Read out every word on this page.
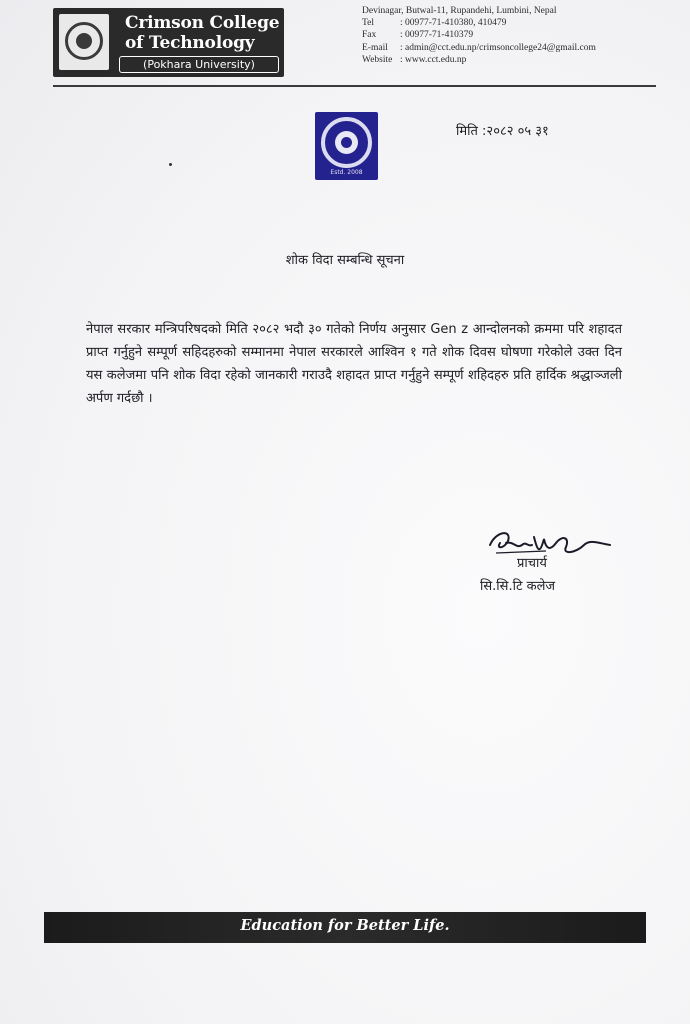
Crimson College
of Technology
(Pokhara University)
Devinagar, Butwal-11, Rupandehi, Lumbini, Nepal
Tel	: 00977-71-410380, 410479
Fax	: 00977-71-410379
E-mail	: admin@cct.edu.np/crimsoncollege24@gmail.com
Website : www.cct.edu.np
Estd. 2008
मिति :२०८२ ०५ ३१
शोक विदा सम्बन्धि सूचना
नेपाल सरकार मन्त्रिपरिषदको मिति २०८२ भदौ ३० गतेको निर्णय अनुसार Gen z आन्दोलनको क्रममा परि शहादत प्राप्त गर्नुहुने सम्पूर्ण सहिदहरुको सम्मानमा नेपाल सरकारले आश्विन १ गते शोक दिवस घोषणा गरेकोले उक्त दिन यस कलेजमा पनि शोक विदा रहेको जानकारी गराउदै शहादत प्राप्त गर्नुहुने सम्पूर्ण शहिदहरु प्रति हार्दिक श्रद्धाञ्जली अर्पण गर्दछौ ।
प्राचार्य
सि.सि.टि कलेज
Education for Better Life.
